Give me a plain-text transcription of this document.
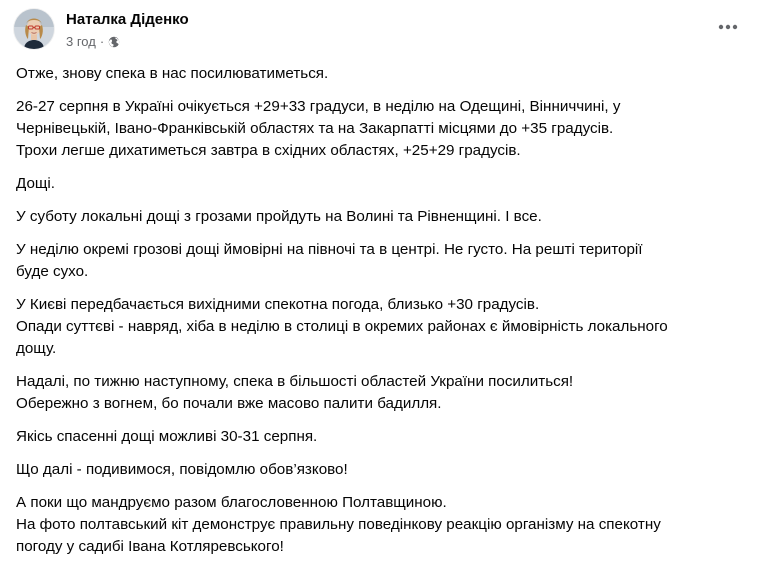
Наталка Діденко
3 год ·
Отже, знову спека в нас посилюватиметься.
26-27 серпня в Україні очікується +29+33 градуси, в неділю на Одещині, Вінниччині, у
Чернівецькій, Івано-Франківській областях та на Закарпатті місцями до +35 градусів.
Трохи легше дихатиметься завтра в східних областях, +25+29 градусів.
Дощі.
У суботу локальні дощі з грозами пройдуть на Волині та Рівненщині. І все.
У неділю окремі грозові дощі ймовірні на півночі та в центрі. Не густо. На решті території
буде сухо.
У Києві передбачається вихідними спекотна погода, близько +30 градусів.
Опади суттєві - навряд, хіба в неділю в столиці в окремих районах є ймовірність локального
дощу.
Надалі, по тижню наступному, спека в більшості областей України посилиться!
Обережно з вогнем, бо почали вже масово палити бадилля.
Якісь спасенні дощі можливі 30-31 серпня.
Що далі - подивимося, повідомлю обов’язково!
А поки що мандруємо разом благословенною Полтавщиною.
На фото полтавський кіт демонструє правильну поведінкову реакцію організму на спекотну
погоду у садибі Івана Котляревського!
